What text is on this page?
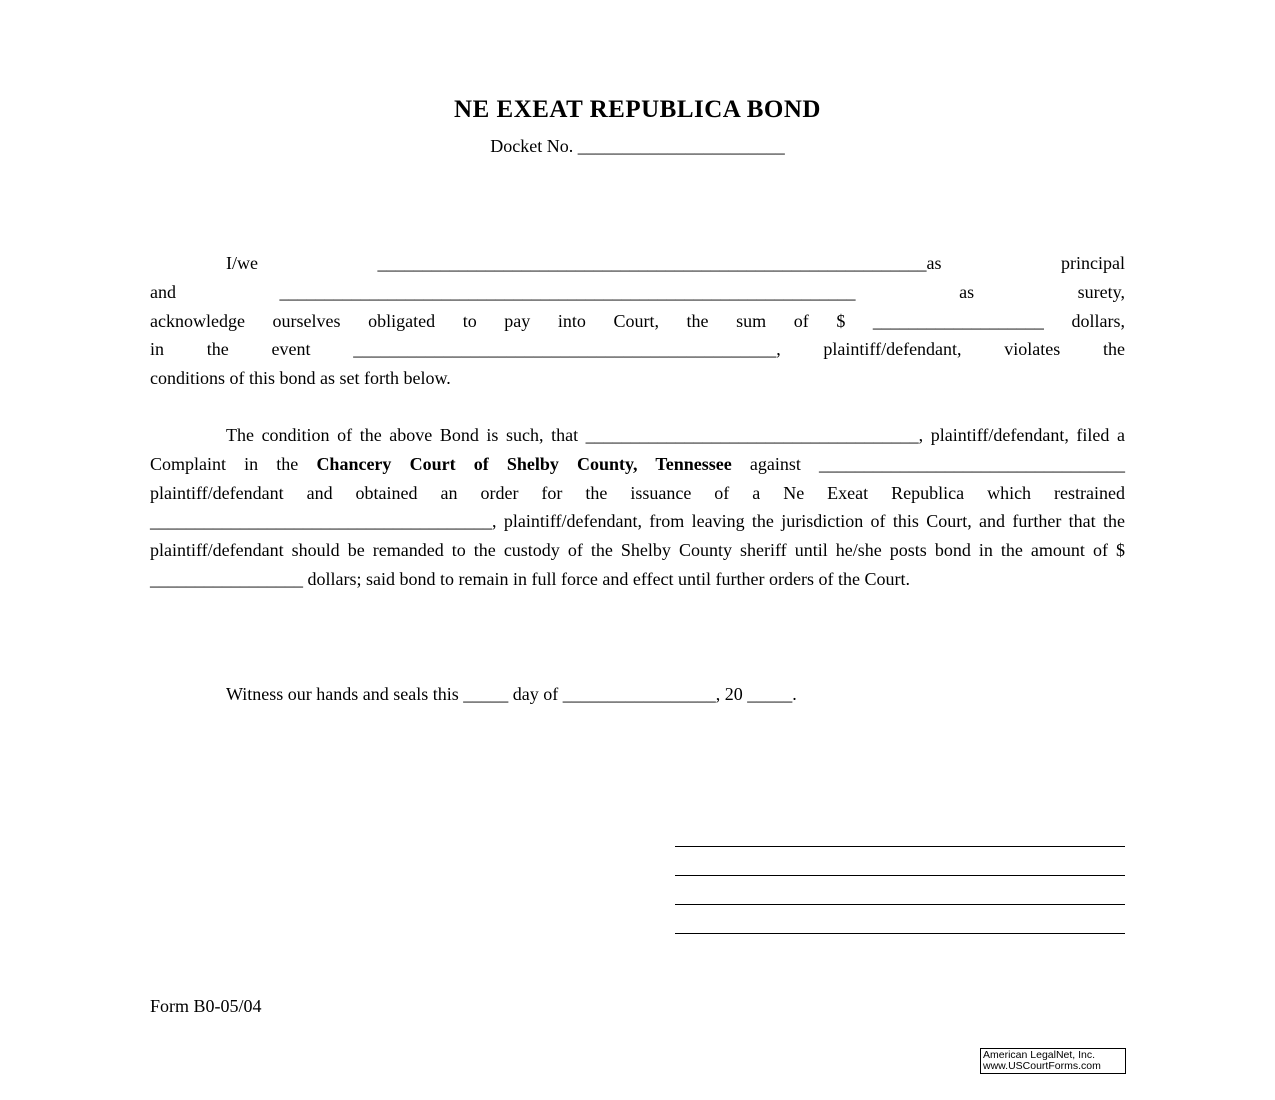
NE EXEAT REPUBLICA BOND
Docket No. _______________________

I/we _____________________________________________________________as principal

and ________________________________________________________________ as surety,

acknowledge ourselves obligated to pay into Court, the sum of $ ___________________ dollars,

in the event _______________________________________________, plaintiff/defendant, violates the

conditions of this bond as set forth below.

The condition of the above Bond is such, that _____________________________________, plaintiff/defendant, filed a Complaint in the Chancery Court of Shelby County, Tennessee against __________________________________ plaintiff/defendant and obtained an order for the issuance of a Ne Exeat Republica which restrained ______________________________________, plaintiff/defendant, from leaving the jurisdiction of this Court, and further that the plaintiff/defendant should be remanded to the custody of the Shelby County sheriff until he/she posts bond in the amount of $ _________________ dollars; said bond to remain in full force and effect until further orders of the Court.

Witness our hands and seals this _____ day of _________________, 20 _____.

Form B0-05/04
American LegalNet, Inc.
www.USCourtForms.com
